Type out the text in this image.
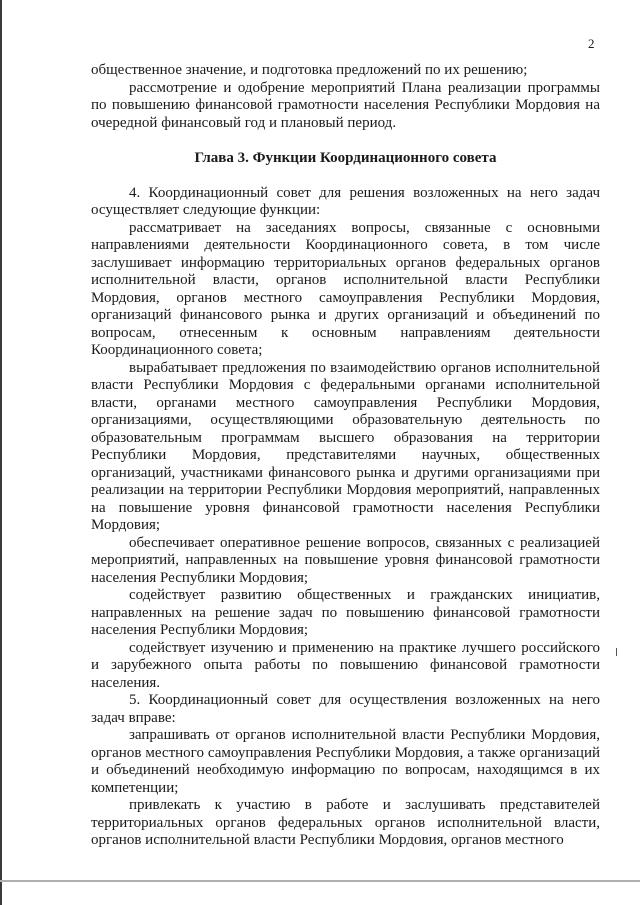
2

общественное значение, и подготовка предложений по их решению;

рассмотрение и одобрение мероприятий Плана реализации программы по повышению финансовой грамотности населения Республики Мордовия на очередной финансовый год и плановый период.

Глава 3. Функции Координационного совета

4. Координационный совет для решения возложенных на него задач осуществляет следующие функции:

рассматривает на заседаниях вопросы, связанные с основными направлениями деятельности Координационного совета, в том числе заслушивает информацию территориальных органов федеральных органов исполнительной власти, органов исполнительной власти Республики Мордовия, органов местного самоуправления Республики Мордовия, организаций финансового рынка и других организаций и объединений по вопросам, отнесенным к основным направлениям деятельности Координационного совета;

вырабатывает предложения по взаимодействию органов исполнительной власти Республики Мордовия с федеральными органами исполнительной власти, органами местного самоуправления Республики Мордовия, организациями, осуществляющими образовательную деятельность по образовательным программам высшего образования на территории Республики Мордовия, представителями научных, общественных организаций, участниками финансового рынка и другими организациями при реализации на территории Республики Мордовия мероприятий, направленных на повышение уровня финансовой грамотности населения Республики Мордовия;

обеспечивает оперативное решение вопросов, связанных с реализацией мероприятий, направленных на повышение уровня финансовой грамотности населения Республики Мордовия;

содействует развитию общественных и гражданских инициатив, направленных на решение задач по повышению финансовой грамотности населения Республики Мордовия;

содействует изучению и применению на практике лучшего российского и зарубежного опыта работы по повышению финансовой грамотности населения.

5. Координационный совет для осуществления возложенных на него задач вправе:

запрашивать от органов исполнительной власти Республики Мордовия, органов местного самоуправления Республики Мордовия, а также организаций и объединений необходимую информацию по вопросам, находящимся в их компетенции;

привлекать к участию в работе и заслушивать представителей территориальных органов федеральных органов исполнительной власти, органов исполнительной власти Республики Мордовия, органов местного
